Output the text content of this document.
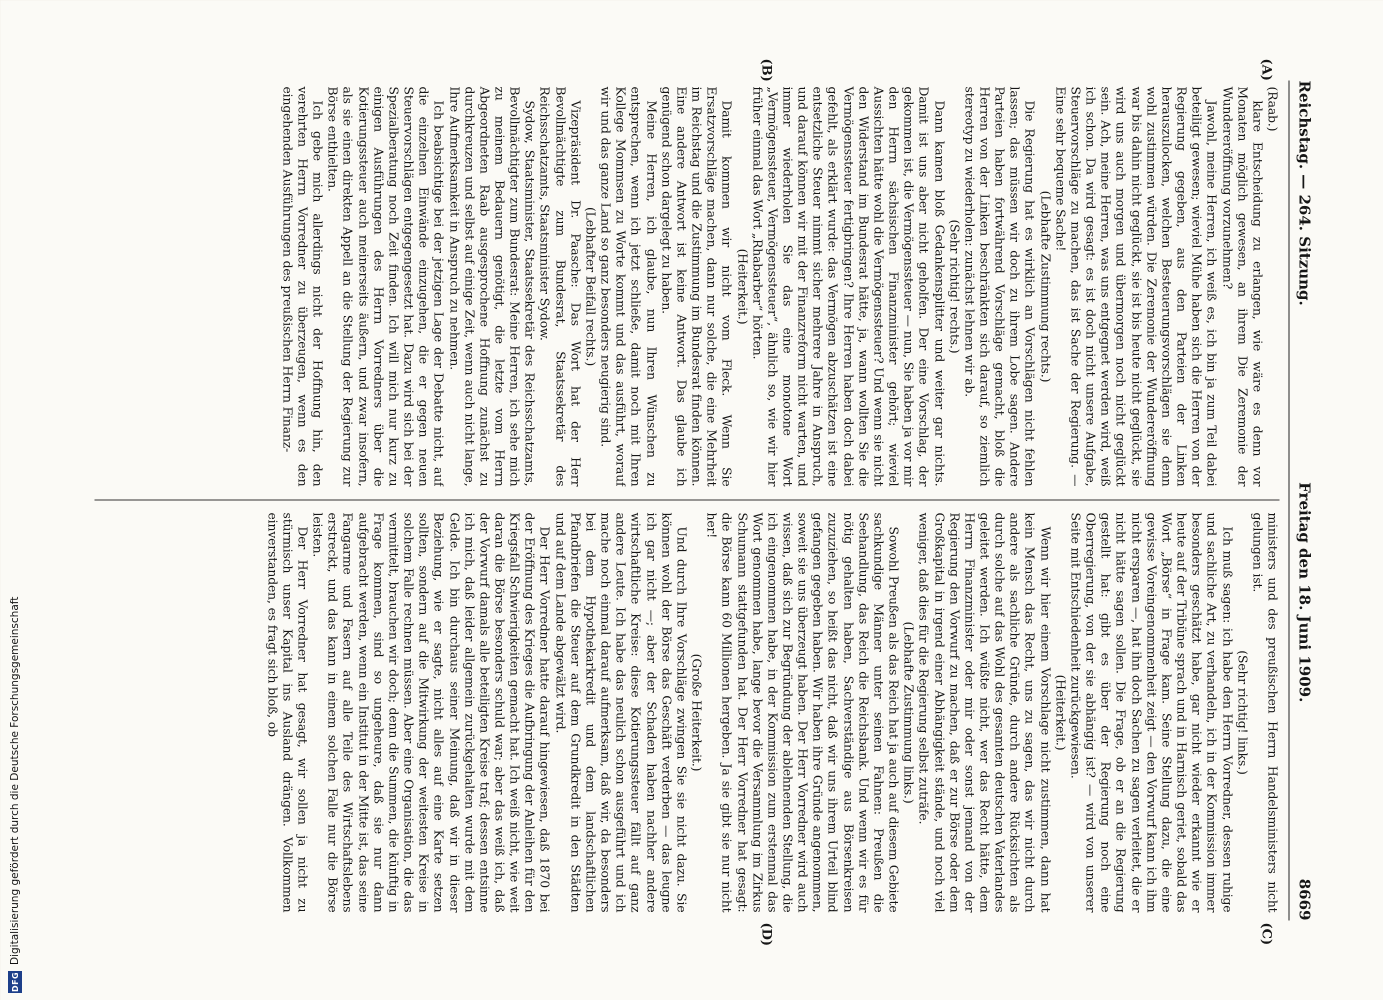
Reichstag. — 264. Sitzung.
Freitag den 18. Juni 1909.
8669
(A)
(B)
(C)
(D)

(Raab.)

klare Entscheidung zu erlangen, wie wäre es denn vor Monaten möglich gewesen, an ihrem Die Zeremonie der Wundereröffnung vorzunehmen?

Jawohl, meine Herren, ich weiß es, ich bin ja zum Teil dabei beteiligt gewesen; wieviel Mühe haben sich die Herren von der Regierung gegeben, aus den Parteien der Linken herauszulocken, welchen Besteuerungsvorschlägen sie denn wohl zustimmen würden. Die Zeremonie der Wundereröffnung war bis dahin nicht geglückt, sie ist bis heute nicht geglückt, sie wird uns auch morgen und übermorgen noch nicht geglückt sein. Ach, meine Herren, was uns entgegnet werden wird, weiß ich schon. Da wird gesagt: es ist doch nicht unsere Aufgabe, Steuervorschläge zu machen, das ist Sache der Regierung. — Eine sehr bequeme Sache!

(Lebhafte Zustimmung rechts.)

Die Regierung hat es wirklich an Vorschlägen nicht fehlen lassen; das müssen wir doch zu ihrem Lobe sagen. Andere Parteien haben fortwährend Vorschläge gemacht, bloß die Herren von der Linken beschränkten sich darauf, so ziemlich stereotyp zu wiederholen: zunächst lehnen wir ab.

(Sehr richtig! rechts.)

Dann kamen bloß Gedankensplitter und weiter gar nichts. Damit ist uns aber nicht geholfen. Der eine Vorschlag, der gekommen ist, die Vermögenssteuer — nun, Sie haben ja vor mir den Herrn sächsischen Finanzminister gehört; wieviel Aussichten hätte wohl die Vermögenssteuer? Und wenn sie nicht den Widerstand im Bundesrat hätte, ja, wann wollten Sie die Vermögenssteuer fertigbringen? Ihre Herren haben doch dabei gefehlt, als erklärt wurde: das Vermögen abzuschätzen ist eine entsetzliche Steuer nimmt sicher mehrere Jahre in Anspruch, und darauf können wir mit der Finanzreform nicht warten, und immer wiederholen Sie das eine monotone Wort „Vermögenssteuer, Vermögenssteuer“, ähnlich so, wie wir hier früher einmal das Wort „Rhabarber“ hörten.

(Heiterkeit.)

Damit kommen wir nicht vom Fleck. Wenn Sie Ersatzvorschläge machen, dann nur solche, die eine Mehrheit im Reichstag und die Zustimmung im Bundesrat finden können. Eine andere Antwort ist keine Antwort. Das glaube ich genügend schon dargelegt zu haben.

Meine Herren, ich glaube, nun Ihren Wünschen zu entsprechen, wenn ich jetzt schließe, damit noch mit Ihren Kollege Mommsen zu Worte kommt und das ausführt, worauf wir und das ganze Land so ganz besonders neugierig sind.

(Lebhafter Beifall rechts.)

Vizepräsident Dr. Paasche: Das Wort hat der Herr Bevollmächtigte zum Bundesrat, Staatssekretär des Reichsschatzamts, Staatsminister Sydow.

Sydow, Staatsminister, Staatssekretär des Reichsschatzamts, Bevollmächtigter zum Bundesrat: Meine Herren, ich sehe mich zu meinem Bedauern genötigt, die letzte vom Herrn Abgeordneten Raab ausgesprochene Hoffnung zunächst zu durchkreuzen und selbst auf einige Zeit, wenn auch nicht lange, Ihre Aufmerksamkeit in Anspruch zu nehmen.

Ich beabsichtige bei der jetzigen Lage der Debatte nicht, auf die einzelnen Einwände einzugehen, die er gegen neuen Steuervorschlägen entgegengesetzt hat. Dazu wird sich bei der Spezialberatung noch Zeit finden. Ich will mich nur kurz zu einigen Ausführungen des Herrn Vorredners über die Kotierungssteuer auch meinerseits äußern, und zwar insofern, als sie einen direkten Appell an die Stellung der Regierung zur Börse enthielten.

Ich gebe mich allerdings nicht der Hoffnung hin, den verehrten Herrn Vorredner zu überzeugen, wenn es den eingehenden Ausführungen des preußischen Herrn Finanz-

ministers und des preußischen Herrn Handelsministers nicht gelungen ist.

(Sehr richtig! links.)

Ich muß sagen: ich habe den Herrn Vorredner, dessen ruhige und sachliche Art, zu verhandeln, ich in der Kommission immer besonders geschätzt habe, gar nicht wieder erkannt wie er heute auf der Tribüne sprach und in Harnisch geriet, sobald das Wort „Börse“ in Frage kam. Seine Stellung dazu, die eine gewisse Voreingenommenheit zeigt — den Vorwurf kann ich ihm nicht ersparen —, hat ihn doch Sachen zu sagen verleitet, die er nicht hätte sagen sollen. Die Frage, ob er an die Regierung gestellt hat: gibt es über der Regierung noch eine Oberregierung, von der sie abhängig ist? — wird von unserer Seite mit Entschiedenheit zurückgewiesen.

(Heiterkeit.)

Wenn wir hier einem Vorschlage nicht zustimmen, dann hat kein Mensch das Recht, uns zu sagen, das wir nicht durch andere als sachliche Gründe, durch andere Rücksichten als durch solche auf das Wohl des gesamten deutschen Vaterlandes geleitet werden. Ich wüßte nicht, wer das Recht hätte, dem Herrn Finanzminister oder mir oder sonst jemand von der Regierung den Vorwurf zu machen, daß er zur Börse oder dem Großkapital in irgend einer Abhängigkeit stände, und noch viel weniger, daß dies für die Regierung selbst zuträfe.

(Lebhafte Zustimmung links.)

Sowohl Preußen als das Reich hat ja auch auf diesem Gebiete sachkundige Männer unter seinen Fahnen: Preußen die Seehandlung, das Reich die Reichsbank. Und wenn wir es für nötig gehalten haben, Sachverständige aus Börsenkreisen zuzuziehen, so heißt das nicht, daß wir uns ihrem Urteil blind gefangen gegeben haben. Wir haben ihre Gründe angenommen, soweit sie uns überzeugt haben. Der Herr Vorredner wird auch wissen, daß sich zur Begründung der ablehnenden Stellung, die ich eingenommen habe, in der Kommission zum erstenmal das Wort genommen habe, lange bevor die Versammlung im Zirkus Schumann stattgefunden hat. Der Herr Vorredner hat gesagt: die Börse kann 60 Millionen hergeben. Ja sie gibt sie nur nicht her!

(Große Heiterkeit.)

Und durch Ihre Vorschläge zwingen Sie sie nicht dazu. Sie können wohl der Börse das Geschäft verderben — das leugne ich gar nicht —; aber der Schaden haben nachher andere wirtschaftliche Kreise: diese Kotierungssteuer fällt auf ganz andere Leute. Ich habe das neulich schon ausgeführt und ich mache noch einmal darauf aufmerksam, daß wir, da besonders bei dem Hypothekarkredit und dem landschaftlichen Pfandbriefen die Steuer auf dem Grundkredit in den Städten und auf dem Lande abgewälzt wird.

Der Herr Vorredner hatte darauf hingewiesen, daß 1870 bei der Eröffnung des Krieges die Aufbringung der Anleihen für den Kriegsfall Schwierigkeiten gemacht hat. Ich weiß nicht, wie weit daran die Börse besonders schuld war; aber das weiß ich, daß der Vorwurf damals alle beteiligten Kreise traf; dessen entsinne ich mich, daß leider allgemein zurückgehalten wurde mit dem Gelde. Ich bin durchaus seiner Meinung, daß wir in dieser Beziehung, wie er sagte, nicht alles auf eine Karte setzen sollten, sondern auf die Mitwirkung der weitesten Kreise in solchem Falle rechnen müssen. Aber eine Organisation, die das vermittelt, brauchen wir doch; denn die Summen, die künftig in Frage kommen, sind so ungeheure, daß sie nur dann aufgebracht werden, wenn ein Institut in der Mitte ist, das seine Fangarme und Fasern auf alle Teile des Wirtschaftslebens erstreckt, und das kann in einem solchen Falle nur die Börse leisten.

Der Herr Vorredner hat gesagt, wir sollen ja nicht zu stürmisch unser Kapital ins Ausland drängen. Vollkommen einverstanden, es fragt sich bloß, ob

DFG
Digitalisierung gefördert durch die Deutsche Forschungsgemeinschaft
